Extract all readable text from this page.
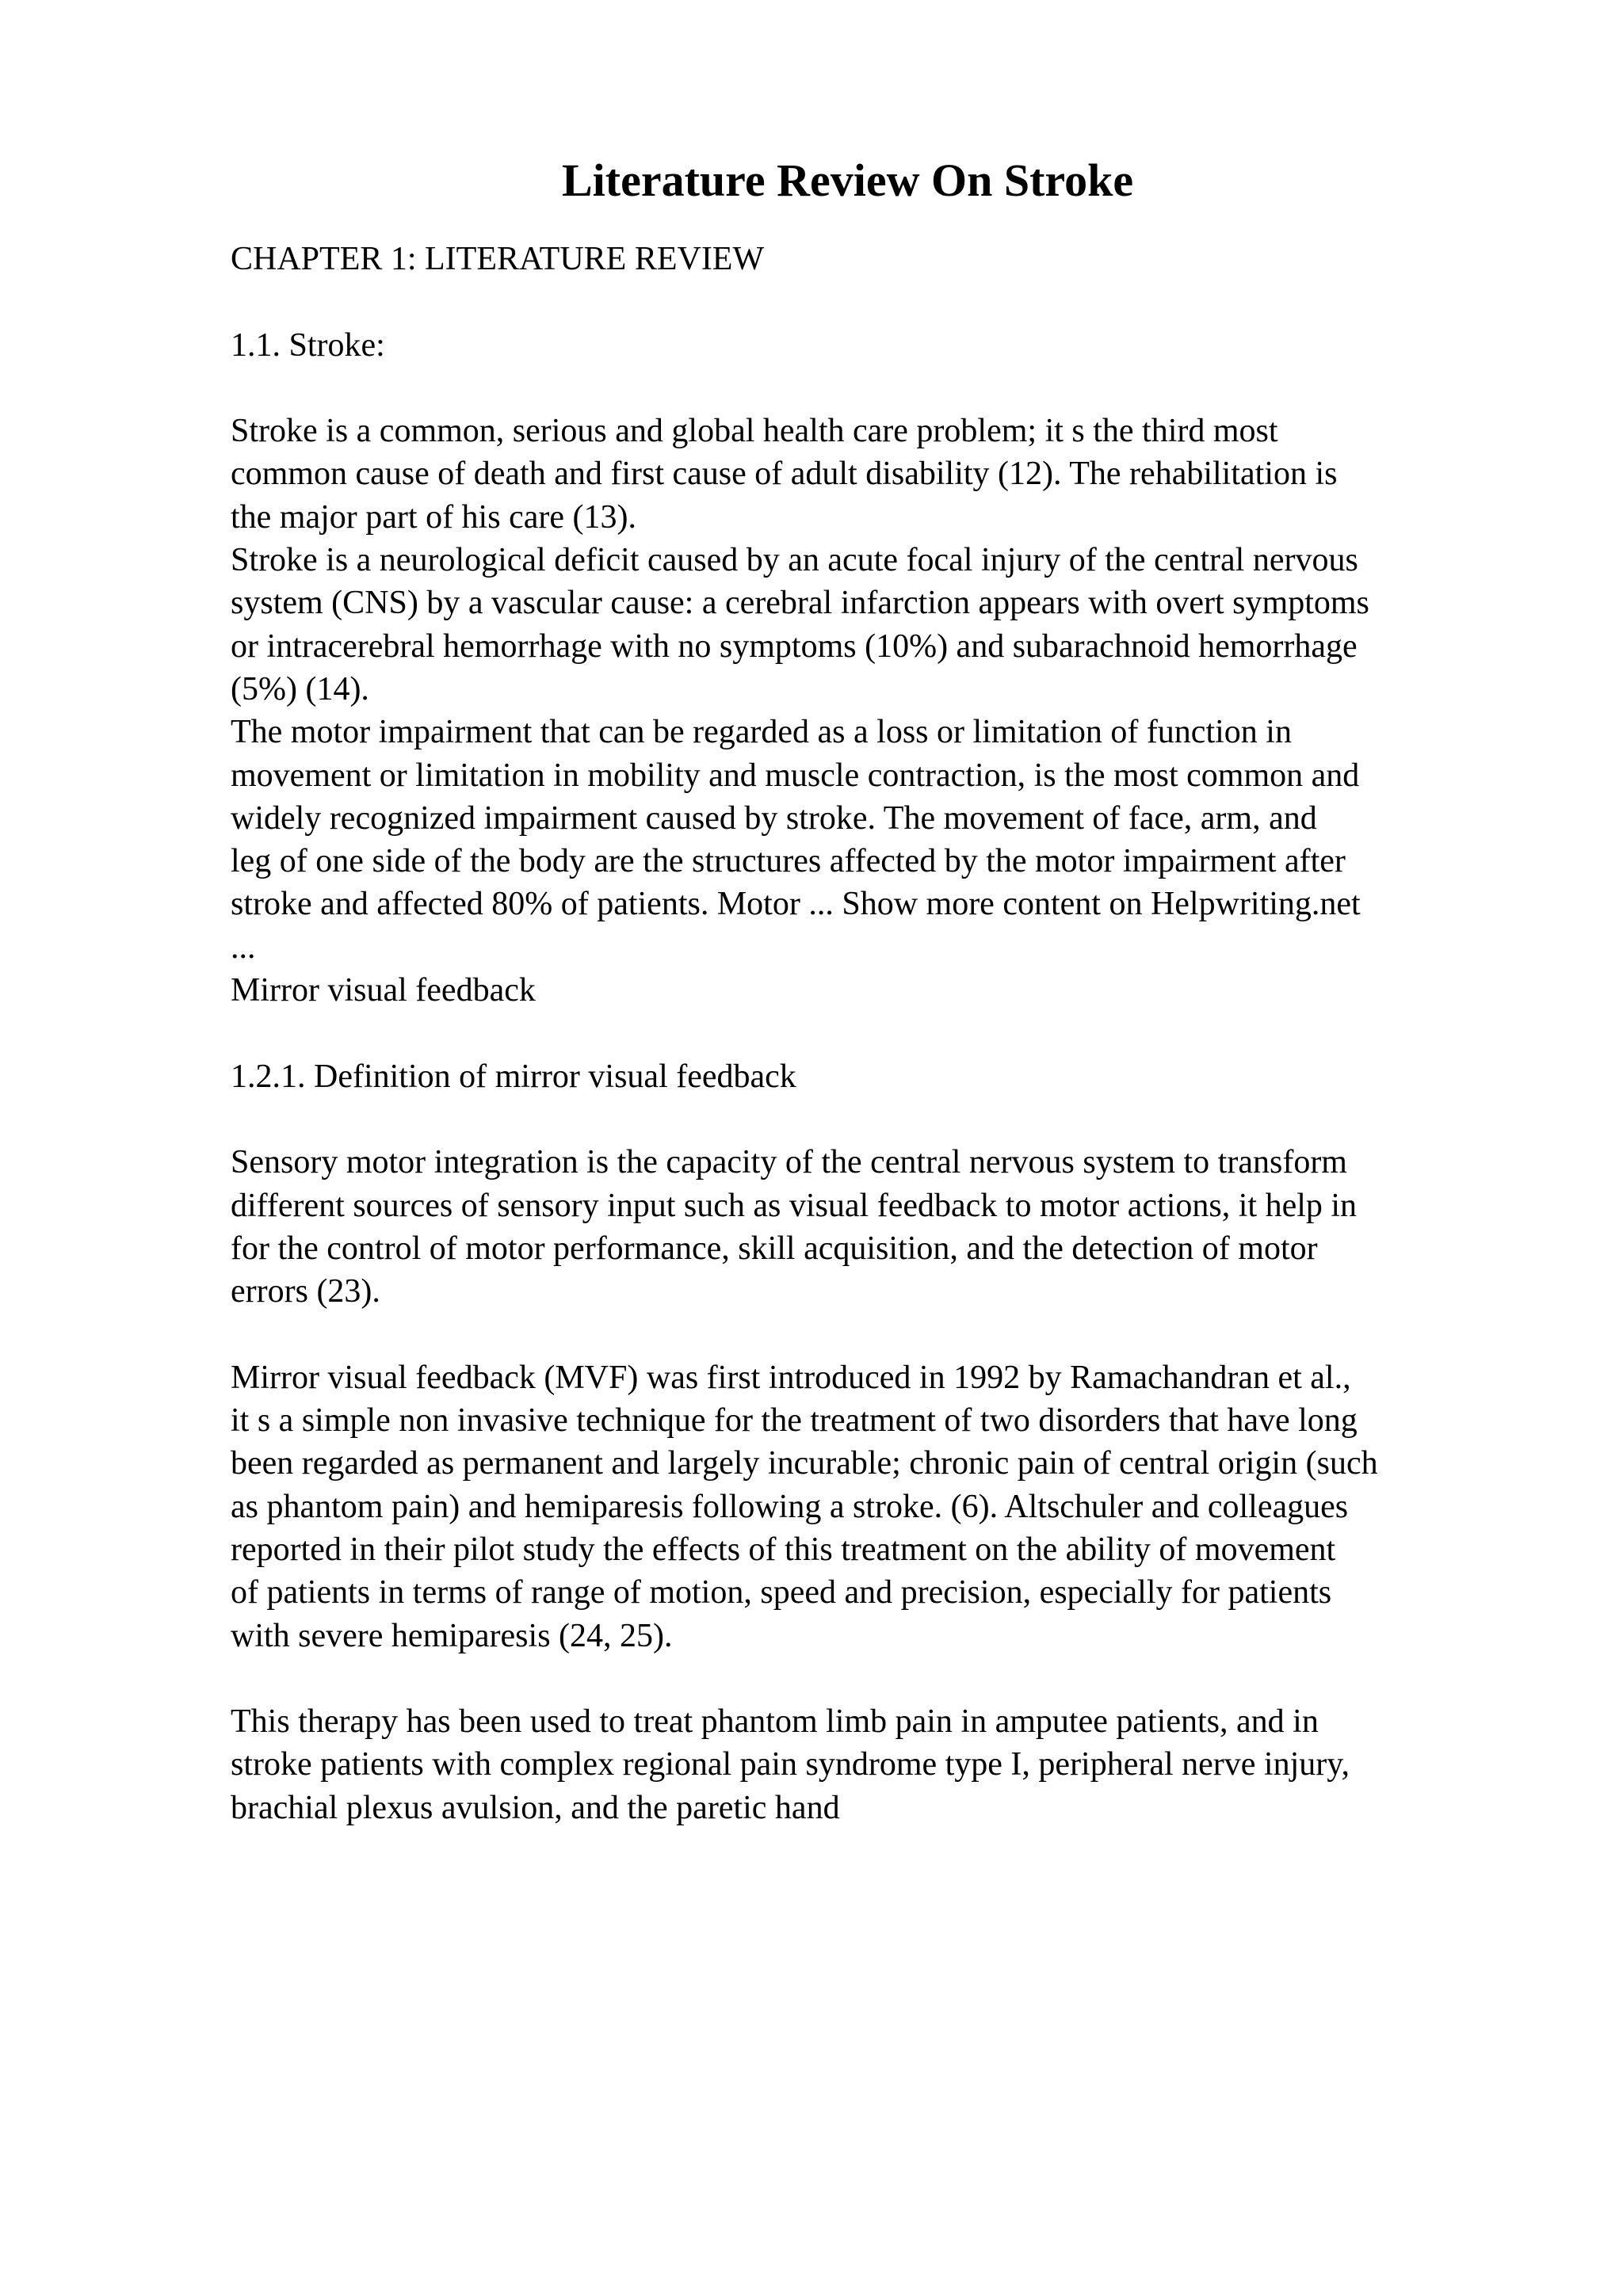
Literature Review On Stroke
CHAPTER 1: LITERATURE REVIEW
1.1. Stroke:
Stroke is a common, serious and global health care problem; it s the third most
common cause of death and first cause of adult disability (12). The rehabilitation is
the major part of his care (13).
Stroke is a neurological deficit caused by an acute focal injury of the central nervous
system (CNS) by a vascular cause: a cerebral infarction appears with overt symptoms
or intracerebral hemorrhage with no symptoms (10%) and subarachnoid hemorrhage
(5%) (14).
The motor impairment that can be regarded as a loss or limitation of function in
movement or limitation in mobility and muscle contraction, is the most common and
widely recognized impairment caused by stroke. The movement of face, arm, and
leg of one side of the body are the structures affected by the motor impairment after
stroke and affected 80% of patients. Motor ... Show more content on Helpwriting.net
...
Mirror visual feedback
1.2.1. Definition of mirror visual feedback
Sensory motor integration is the capacity of the central nervous system to transform
different sources of sensory input such as visual feedback to motor actions, it help in
for the control of motor performance, skill acquisition, and the detection of motor
errors (23).
Mirror visual feedback (MVF) was first introduced in 1992 by Ramachandran et al.,
it s a simple non invasive technique for the treatment of two disorders that have long
been regarded as permanent and largely incurable; chronic pain of central origin (such
as phantom pain) and hemiparesis following a stroke. (6). Altschuler and colleagues
reported in their pilot study the effects of this treatment on the ability of movement
of patients in terms of range of motion, speed and precision, especially for patients
with severe hemiparesis (24, 25).
This therapy has been used to treat phantom limb pain in amputee patients, and in
stroke patients with complex regional pain syndrome type I, peripheral nerve injury,
brachial plexus avulsion, and the paretic hand
